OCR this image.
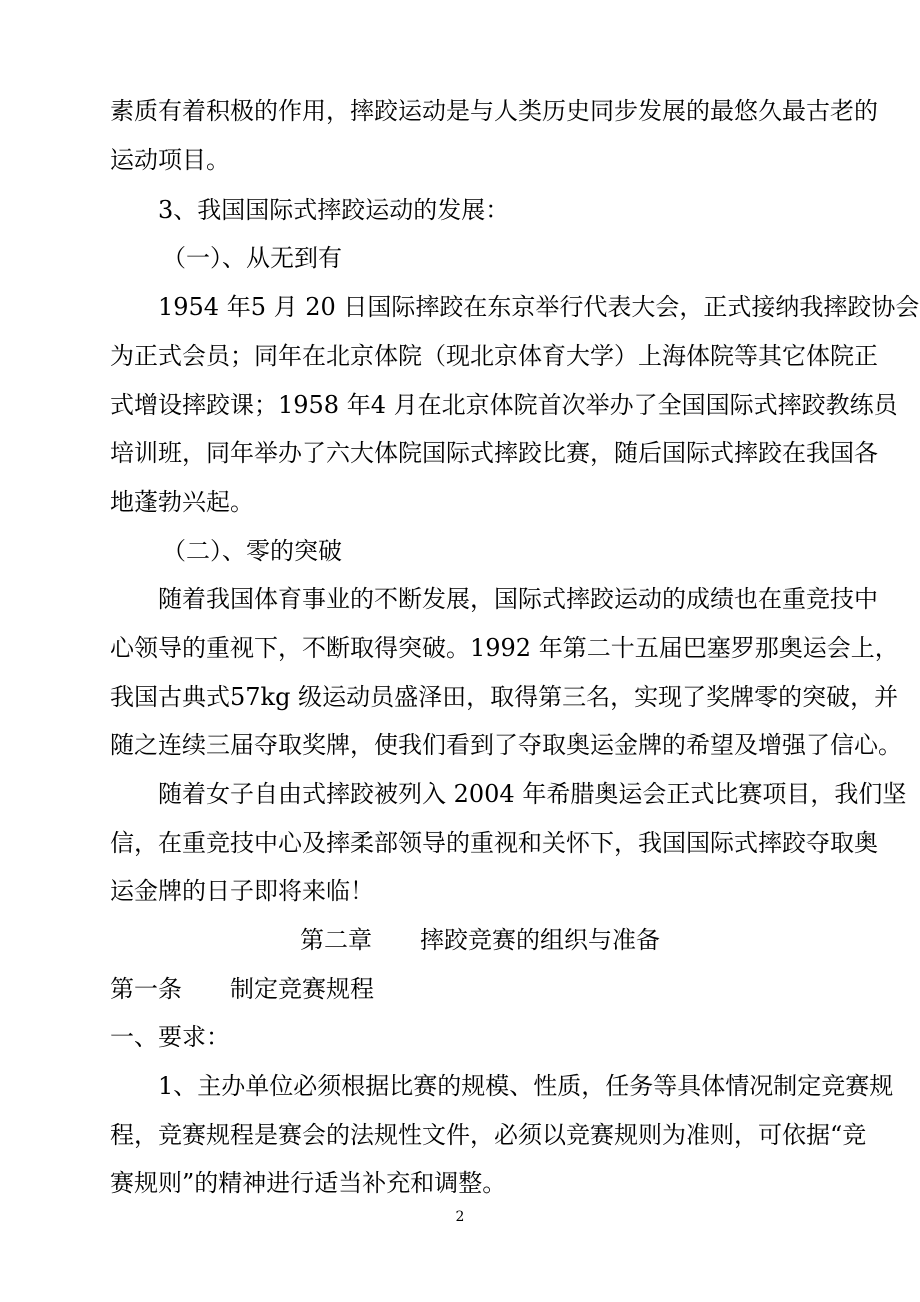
素质有着积极的作用，摔跤运动是与人类历史同步发展的最悠久最古老的
运动项目。
3、我国国际式摔跤运动的发展：
（一）、从无到有
1954 年5 月 20 日国际摔跤在东京举行代表大会，正式接纳我摔跤协会
为正式会员；同年在北京体院（现北京体育大学）上海体院等其它体院正
式增设摔跤课；1958 年4 月在北京体院首次举办了全国国际式摔跤教练员
培训班，同年举办了六大体院国际式摔跤比赛，随后国际式摔跤在我国各
地蓬勃兴起。
（二）、零的突破
随着我国体育事业的不断发展，国际式摔跤运动的成绩也在重竞技中
心领导的重视下，不断取得突破。1992 年第二十五届巴塞罗那奥运会上，
我国古典式57kg 级运动员盛泽田，取得第三名，实现了奖牌零的突破，并
随之连续三届夺取奖牌，使我们看到了夺取奥运金牌的希望及增强了信心。
随着女子自由式摔跤被列入 2004 年希腊奥运会正式比赛项目，我们坚
信，在重竞技中心及摔柔部领导的重视和关怀下，我国国际式摔跤夺取奥
运金牌的日子即将来临！
第二章 摔跤竞赛的组织与准备
第一条 制定竞赛规程
一、要求：
1、主办单位必须根据比赛的规模、性质，任务等具体情况制定竞赛规
程，竞赛规程是赛会的法规性文件，必须以竞赛规则为准则，可依据“竞
赛规则”的精神进行适当补充和调整。
2
